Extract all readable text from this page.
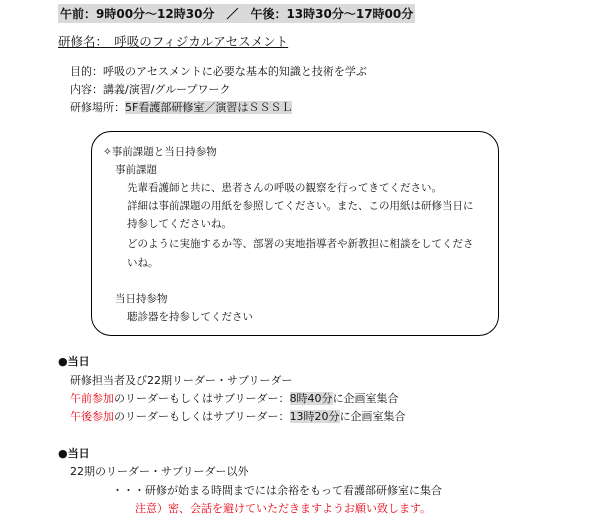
午前：9時00分～12時30分　／　午後：13時30分～17時00分
研修名：　呼吸のフィジカルアセスメント
目的：呼吸のアセスメントに必要な基本的知識と技術を学ぶ
内容：講義/演習/グループワーク
研修場所：5F看護部研修室／演習はＳＳＳＬ
✧事前課題と当日持参物
事前課題
先輩看護師と共に、患者さんの呼吸の観察を行ってきてください。
詳細は事前課題の用紙を参照してください。また、この用紙は研修当日に
持参してくださいね。
どのように実施するか等、部署の実地指導者や新教担に相談をしてくださ
いね。
当日持参物
聴診器を持参してください
●当日
研修担当者及び22期リーダー・サブリーダー
午前参加のリーダーもしくはサブリーダー：8時40分に企画室集合
午後参加のリーダーもしくはサブリーダー：13時20分に企画室集合
●当日
22期のリーダー・サブリーダー以外
・・・研修が始まる時間までには余裕をもって看護部研修室に集合
注意）密、会話を避けていただきますようお願い致します。
